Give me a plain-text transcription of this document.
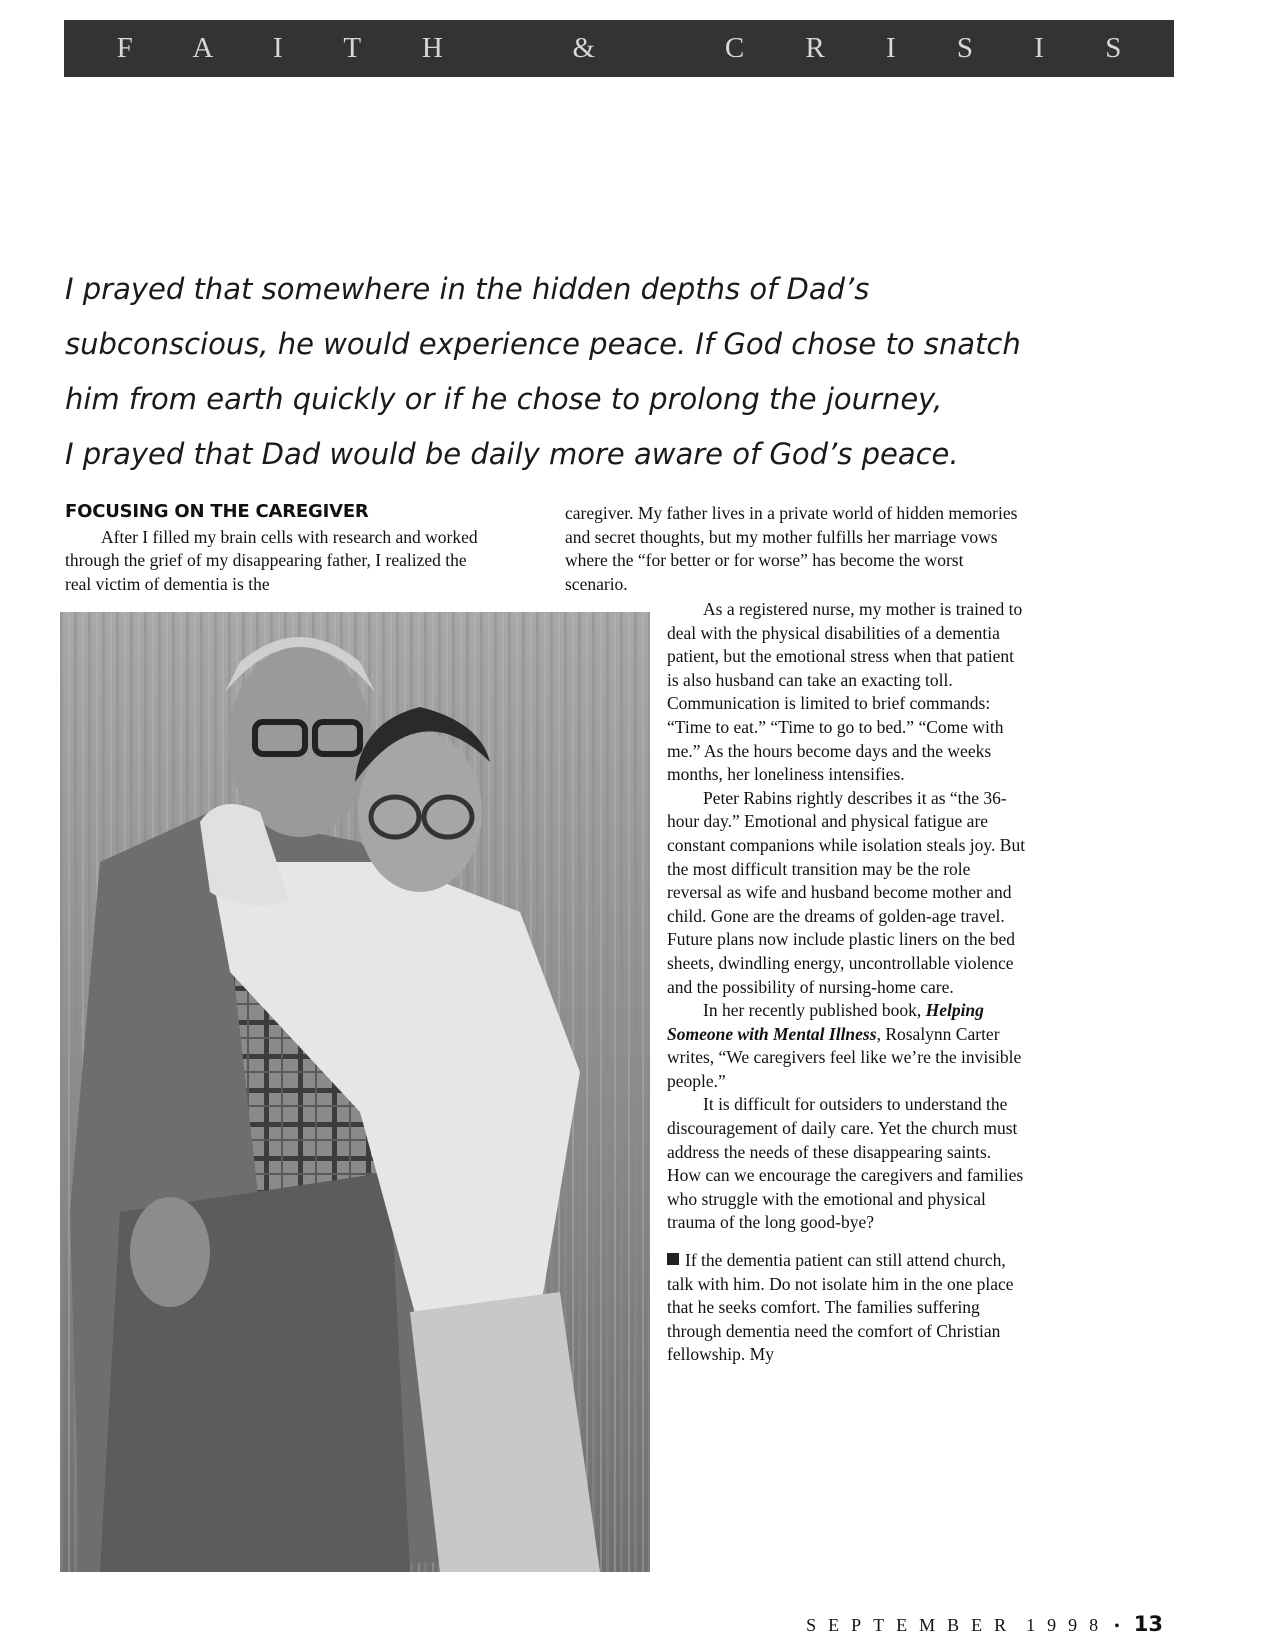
F A I T H   &   C R I S I S
I prayed that somewhere in the hidden depths of Dad’s
subconscious, he would experience peace. If God chose to snatch
him from earth quickly or if he chose to prolong the journey,
I prayed that Dad would be daily more aware of God’s peace.
FOCUSING ON THE CAREGIVER

After I filled my brain cells with research and worked through the grief of my disappearing father, I realized the real victim of dementia is the

caregiver. My father lives in a private world of hidden memories and secret thoughts, but my mother fulfills her marriage vows where the “for better or for worse” has become the worst scenario.

As a registered nurse, my mother is trained to deal with the physical disabilities of a dementia patient, but the emotional stress when that patient is also husband can take an exacting toll. Communication is limited to brief commands: “Time to eat.” “Time to go to bed.” “Come with me.” As the hours become days and the weeks months, her loneliness intensifies.

Peter Rabins rightly describes it as “the 36-hour day.” Emotional and physical fatigue are constant companions while isolation steals joy. But the most difficult transition may be the role reversal as wife and husband become mother and child. Gone are the dreams of golden-age travel. Future plans now include plastic liners on the bed sheets, dwindling energy, uncontrollable violence and the possibility of nursing-home care.

In her recently published book, Helping Someone with Mental Illness, Rosalynn Carter writes, “We caregivers feel like we’re the invisible people.”

It is difficult for outsiders to understand the discouragement of daily care. Yet the church must address the needs of these disappearing saints. How can we encourage the caregivers and families who struggle with the emotional and physical trauma of the long good-bye?

If the dementia patient can still attend church, talk with him. Do not isolate him in the one place that he seeks comfort. The families suffering through dementia need the comfort of Christian fellowship. My

SEPTEMBER 1998 • 13
